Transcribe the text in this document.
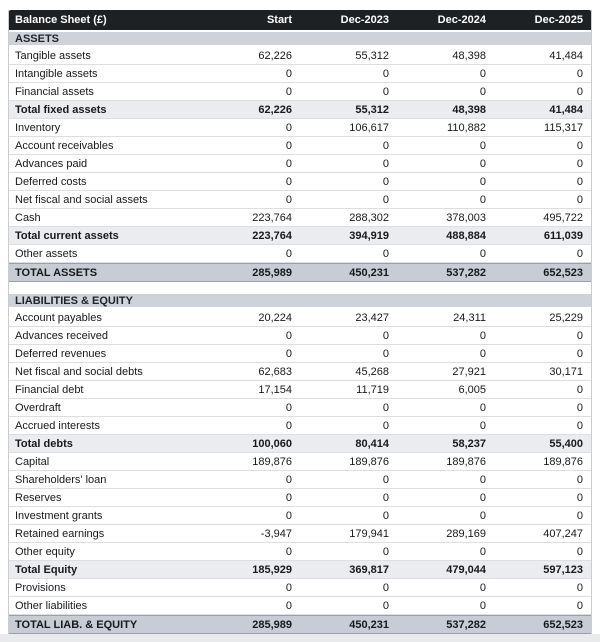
Balance Sheet (£)	Start	Dec-2023	Dec-2024	Dec-2025
ASSETS
Tangible assets	62,226	55,312	48,398	41,484
Intangible assets	0	0	0	0
Financial assets	0	0	0	0
Total fixed assets	62,226	55,312	48,398	41,484
Inventory	0	106,617	110,882	115,317
Account receivables	0	0	0	0
Advances paid	0	0	0	0
Deferred costs	0	0	0	0
Net fiscal and social assets	0	0	0	0
Cash	223,764	288,302	378,003	495,722
Total current assets	223,764	394,919	488,884	611,039
Other assets	0	0	0	0
TOTAL ASSETS	285,989	450,231	537,282	652,523
LIABILITIES & EQUITY
Account payables	20,224	23,427	24,311	25,229
Advances received	0	0	0	0
Deferred revenues	0	0	0	0
Net fiscal and social debts	62,683	45,268	27,921	30,171
Financial debt	17,154	11,719	6,005	0
Overdraft	0	0	0	0
Accrued interests	0	0	0	0
Total debts	100,060	80,414	58,237	55,400
Capital	189,876	189,876	189,876	189,876
Shareholders' loan	0	0	0	0
Reserves	0	0	0	0
Investment grants	0	0	0	0
Retained earnings	-3,947	179,941	289,169	407,247
Other equity	0	0	0	0
Total Equity	185,929	369,817	479,044	597,123
Provisions	0	0	0	0
Other liabilities	0	0	0	0
TOTAL LIAB. & EQUITY	285,989	450,231	537,282	652,523
